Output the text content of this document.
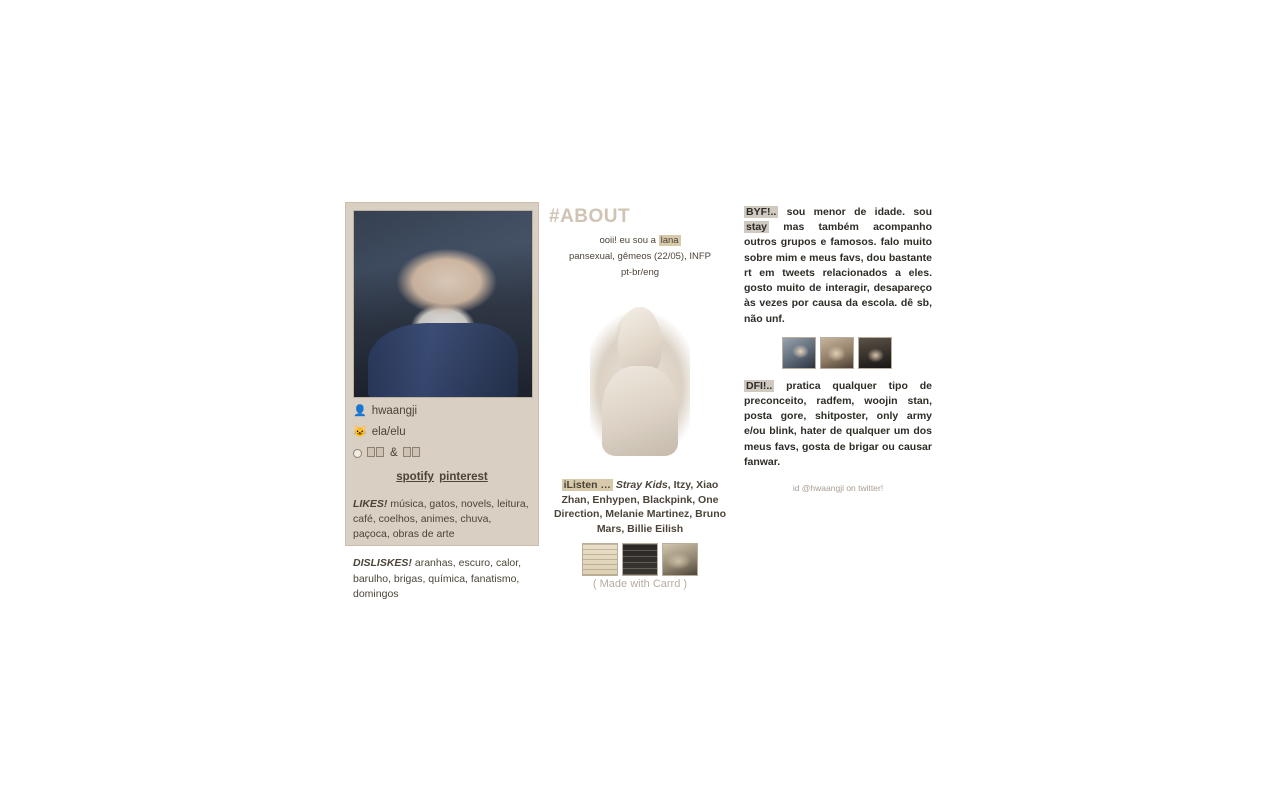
👤 hwaangji
😺 ela/elu
&
spotify pinterest
LIKES! música, gatos, novels, leitura, café, coelhos, animes, chuva, paçoca, obras de arte
DISLISKES! aranhas, escuro, calor, barulho, brigas, química, fanatismo, domingos
#ABOUT
ooii! eu sou a lana
pansexual, gêmeos (22/05), INFP
pt-br/eng
iListen … Stray Kids, Itzy, Xiao Zhan, Enhypen, Blackpink, One Direction, Melanie Martinez, Bruno Mars, Billie Eilish
BYF!.. sou menor de idade. sou stay mas também acompanho outros grupos e famosos. falo muito sobre mim e meus favs, dou bastante rt em tweets relacionados a eles. gosto muito de interagir, desapareço às vezes por causa da escola. dê sb, não unf.
DFI!.. pratica qualquer tipo de preconceito, radfem, woojin stan, posta gore, shitposter, only army e/ou blink, hater de qualquer um dos meus favs, gosta de brigar ou causar fanwar.
id @hwaangji on twitter!
( Made with Carrd )
